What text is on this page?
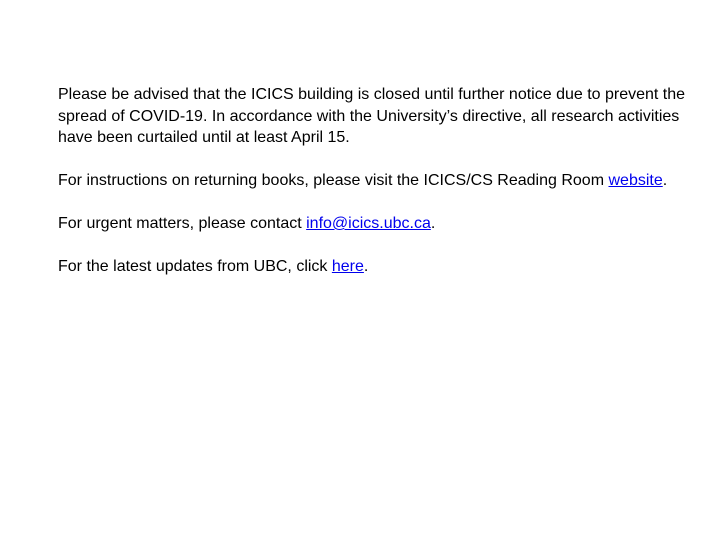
Please be advised that the ICICS building is closed until further notice due to prevent the spread of COVID-19. In accordance with the University’s directive, all research activities have been curtailed until at least April 15.

For instructions on returning books, please visit the ICICS/CS Reading Room website.

For urgent matters, please contact info@icics.ubc.ca.

For the latest updates from UBC, click here.
